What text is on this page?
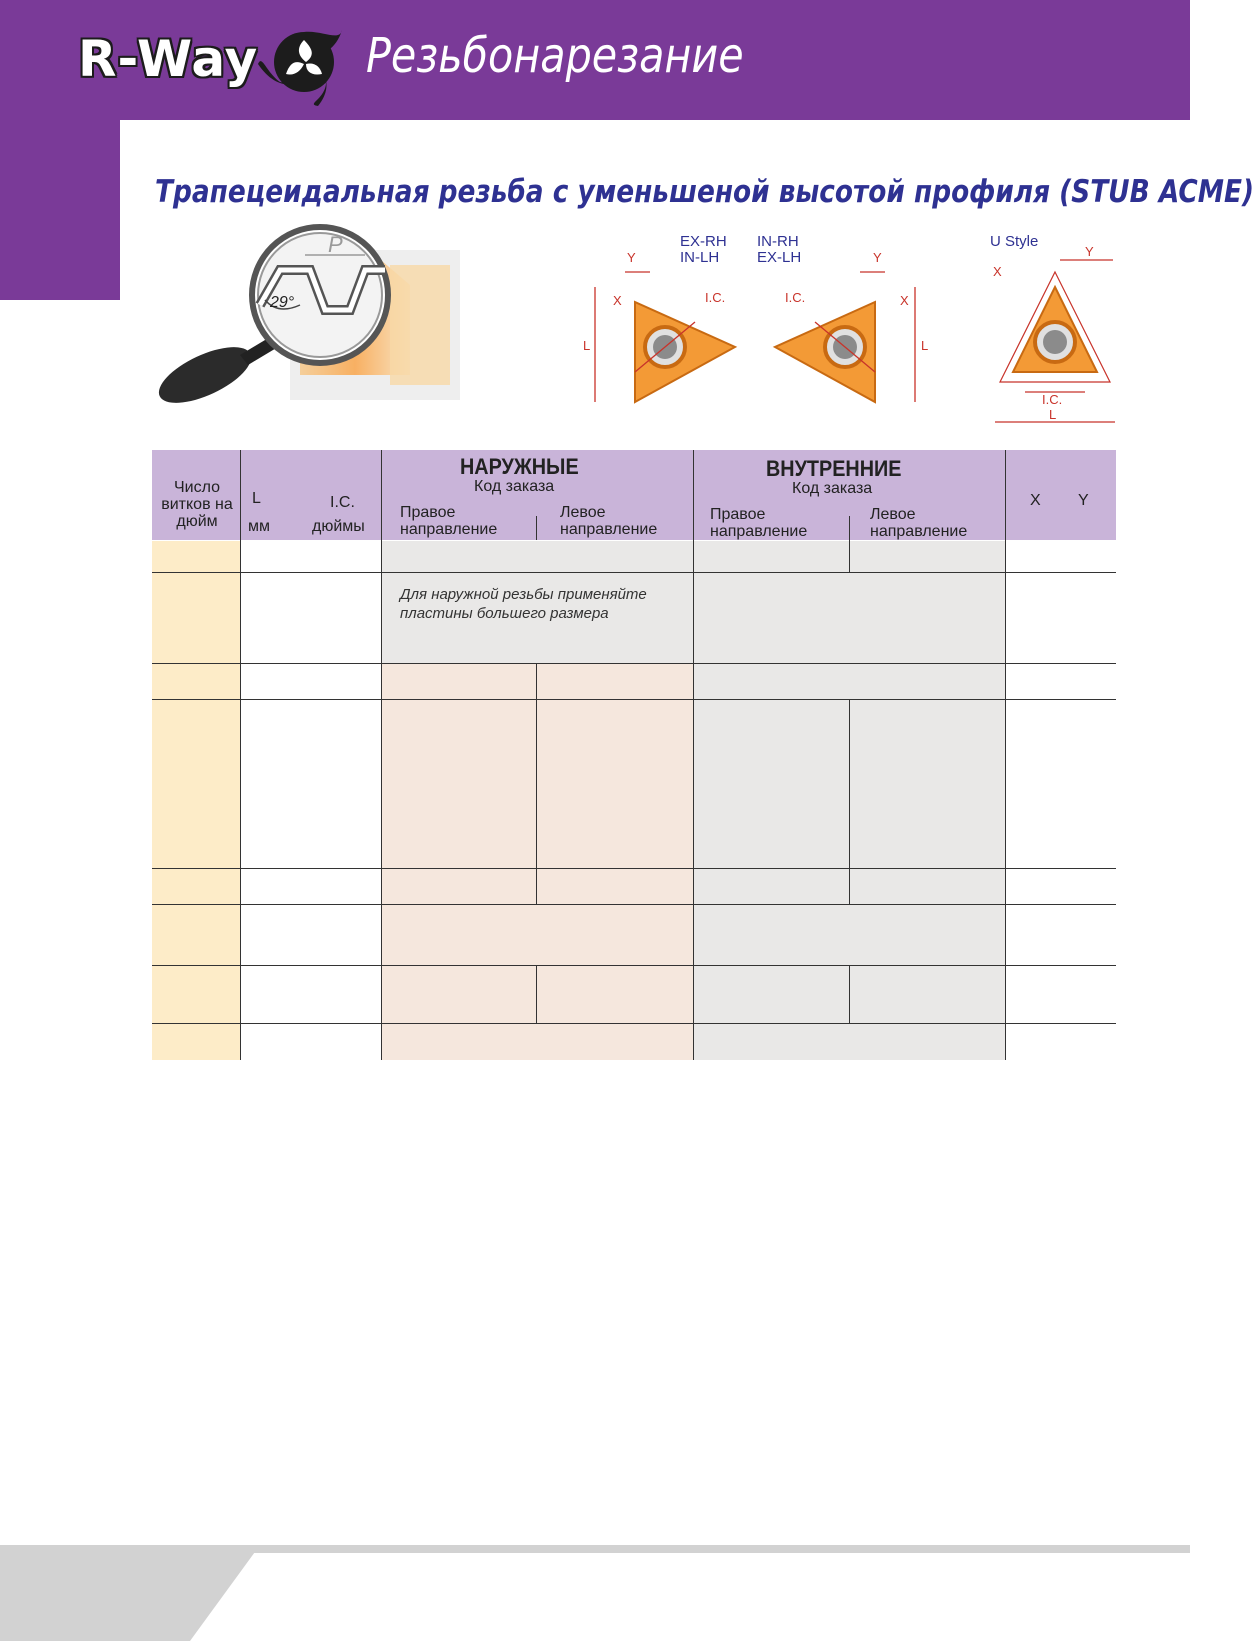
R-Way Резьбонарезание
Трапецеидальная резьба с уменьшеной высотой профиля (STUB ACME)
P
29°
EX-RH
IN-LH
IN-RH
EX-LH
Y
X
L
I.C.
Y
X
L
I.C.
U Style
Y
X
I.C.
L
Число витков на дюйм
L
мм
I.C.
дюймы
НАРУЖНЫЕ
Код заказа
Правое направление
Левое направление
ВНУТРЕННИЕ
Код заказа
Правое направление
Левое направление
X Y
Для наружной резьбы применяйте пластины большего размера
